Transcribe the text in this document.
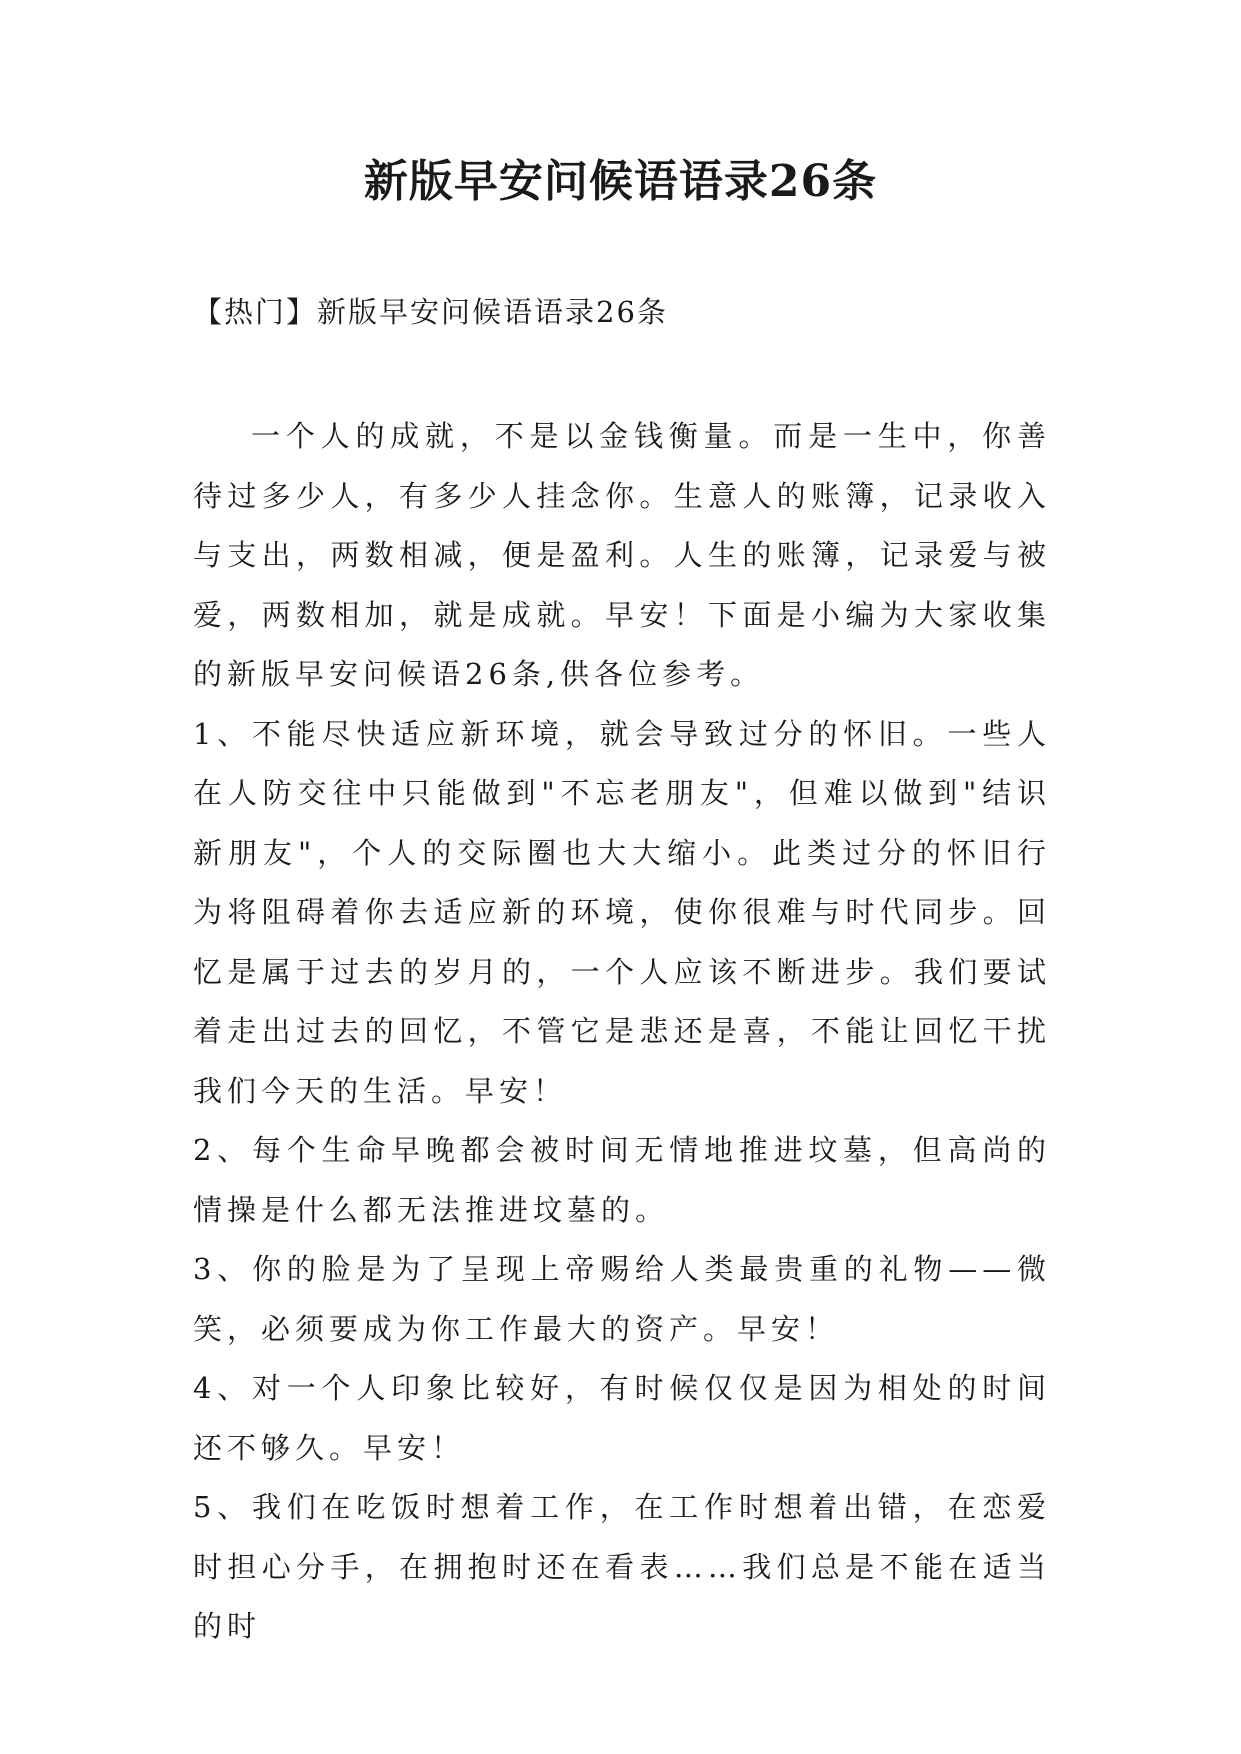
新版早安问候语语录26条

【热门】新版早安问候语语录26条

一个人的成就，不是以金钱衡量。而是一生中，你善待过多少人，有多少人挂念你。生意人的账簿，记录收入与支出，两数相减，便是盈利。人生的账簿，记录爱与被爱，两数相加，就是成就。早安！下面是小编为大家收集的新版早安问候语26条,供各位参考。

1、不能尽快适应新环境，就会导致过分的怀旧。一些人在人防交往中只能做到"不忘老朋友"，但难以做到"结识新朋友"，个人的交际圈也大大缩小。此类过分的怀旧行为将阻碍着你去适应新的环境，使你很难与时代同步。回忆是属于过去的岁月的，一个人应该不断进步。我们要试着走出过去的回忆，不管它是悲还是喜，不能让回忆干扰我们今天的生活。早安！

2、每个生命早晚都会被时间无情地推进坟墓，但高尚的情操是什么都无法推进坟墓的。

3、你的脸是为了呈现上帝赐给人类最贵重的礼物——微笑，必须要成为你工作最大的资产。早安！

4、对一个人印象比较好，有时候仅仅是因为相处的时间还不够久。早安！

5、我们在吃饭时想着工作，在工作时想着出错，在恋爱时担心分手，在拥抱时还在看表……我们总是不能在适当的时
